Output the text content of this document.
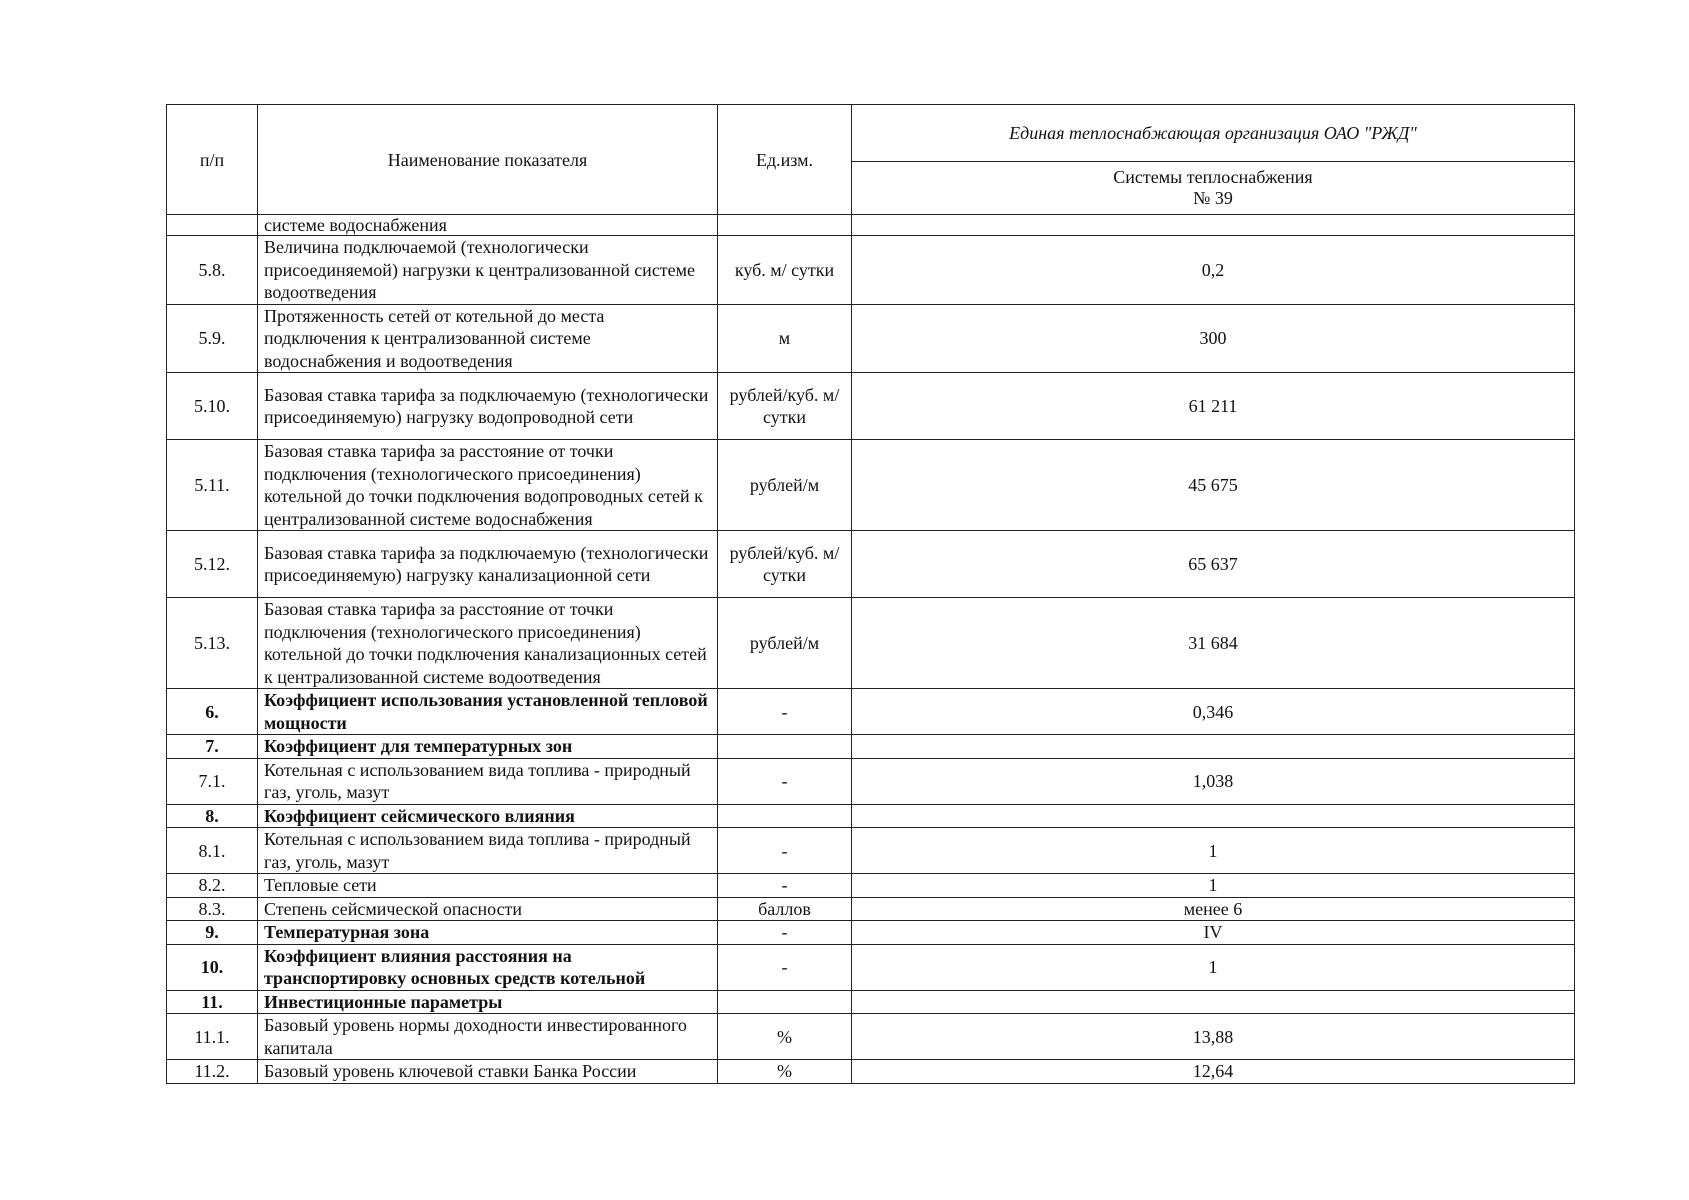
п/п	Наименование показателя	Ед.изм.	Единая теплоснабжающая организация ОАО "РЖД"

			Системы теплоснабжения
№ 39

	системе водоснабжения		
5.8.	Величина подключаемой (технологически присоединяемой) нагрузки к централизованной системе водоотведения	куб. м/ сутки	0,2
5.9.	Протяженность сетей от котельной до места подключения к централизованной системе водоснабжения и водоотведения	м	300
5.10.	Базовая ставка тарифа за подключаемую (технологически присоединяемую) нагрузку водопроводной сети	рублей/куб. м/сутки	61 211
5.11.	Базовая ставка тарифа за расстояние от точки подключения (технологического присоединения) котельной до точки подключения водопроводных сетей к централизованной системе водоснабжения	рублей/м	45 675
5.12.	Базовая ставка тарифа за подключаемую (технологически присоединяемую) нагрузку канализационной сети	рублей/куб. м/сутки	65 637
5.13.	Базовая ставка тарифа за расстояние от точки подключения (технологического присоединения) котельной до точки подключения канализационных сетей к централизованной системе водоотведения	рублей/м	31 684
6.	Коэффициент использования установленной тепловой мощности	-	0,346
7.	Коэффициент для температурных зон		
7.1.	Котельная с использованием вида топлива - природный газ, уголь, мазут	-	1,038
8.	Коэффициент сейсмического влияния		
8.1.	Котельная с использованием вида топлива - природный газ, уголь, мазут	-	1
8.2.	Тепловые сети	-	1
8.3.	Степень сейсмической опасности	баллов	менее 6
9.	Температурная зона	-	IV
10.	Коэффициент влияния расстояния на транспортировку основных средств котельной	-	1
11.	Инвестиционные параметры		
11.1.	Базовый уровень нормы доходности инвестированного капитала	%	13,88
11.2.	Базовый уровень ключевой ставки Банка России	%	12,64
